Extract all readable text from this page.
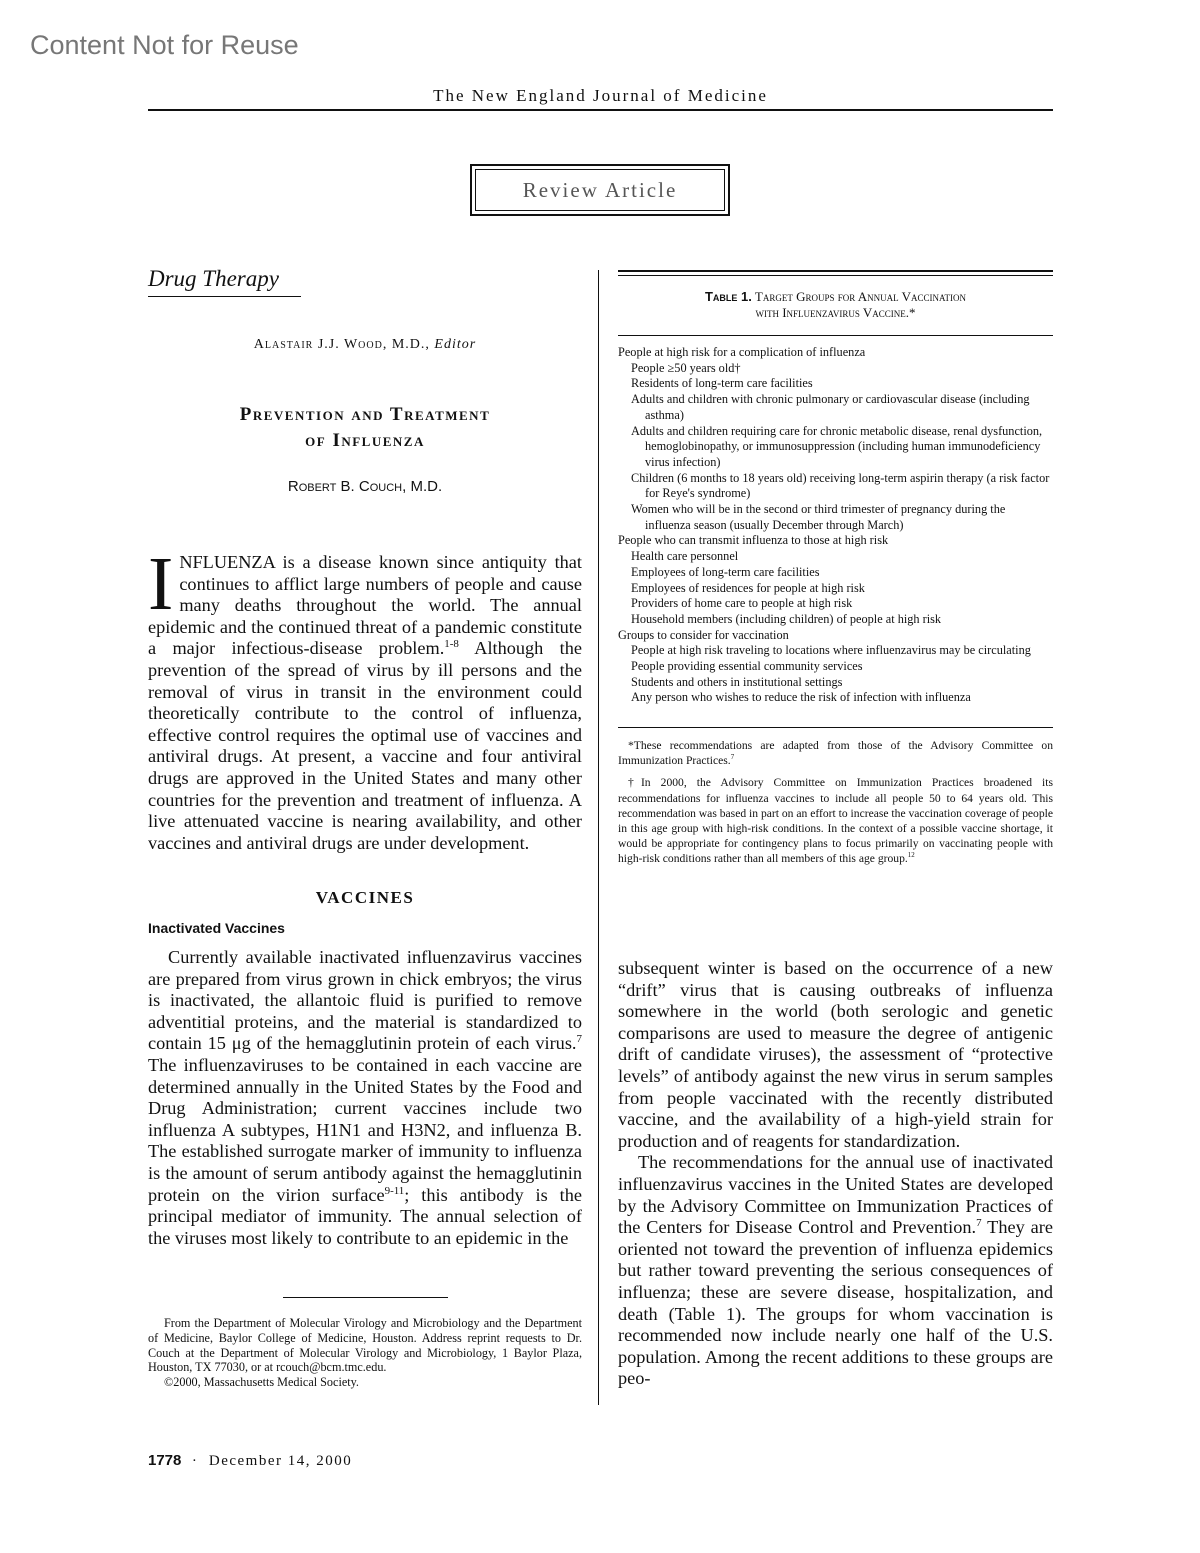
Content Not for Reuse
The New England Journal of Medicine
Review Article
Drug Therapy
Alastair J.J. Wood, M.D., Editor
Prevention and Treatment
of Influenza
Robert B. Couch, M.D.
INFLUENZA is a disease known since antiquity that continues to afflict large numbers of people and cause many deaths throughout the world. The annual epidemic and the continued threat of a pandemic constitute a major infectious-disease problem.$^{1-8}$ Although the prevention of the spread of virus by ill persons and the removal of virus in transit in the environment could theoretically contribute to the control of influenza, effective control requires the optimal use of vaccines and antiviral drugs. At present, a vaccine and four antiviral drugs are approved in the United States and many other countries for the prevention and treatment of influenza. A live attenuated vaccine is nearing availability, and other vaccines and antiviral drugs are under development.
VACCINES
Inactivated Vaccines
Currently available inactivated influenzavirus vaccines are prepared from virus grown in chick embryos; the virus is inactivated, the allantoic fluid is purified to remove adventitial proteins, and the material is standardized to contain 15 μg of the hemagglutinin protein of each virus.$^7$ The influenzaviruses to be contained in each vaccine are determined annually in the United States by the Food and Drug Administration; current vaccines include two influenza A subtypes, H1N1 and H3N2, and influenza B. The established surrogate marker of immunity to influenza is the amount of serum antibody against the hemagglutinin protein on the virion surface$^{9-11}$; this antibody is the principal mediator of immunity. The annual selection of the viruses most likely to contribute to an epidemic in the

From the Department of Molecular Virology and Microbiology and the Department of Medicine, Baylor College of Medicine, Houston. Address reprint requests to Dr. Couch at the Department of Molecular Virology and Microbiology, 1 Baylor Plaza, Houston, TX 77030, or at rcouch@bcm.tmc.edu.

©2000, Massachusetts Medical Society.

Table 1. Target Groups for Annual Vaccination
with Influenzavirus Vaccine.*
People at high risk for a complication of influenza
People ≥50 years old†
Residents of long-term care facilities
Adults and children with chronic pulmonary or cardiovascular disease (including asthma)
Adults and children requiring care for chronic metabolic disease, renal dysfunction, hemoglobinopathy, or immunosuppression (including human immunodeficiency virus infection)
Children (6 months to 18 years old) receiving long-term aspirin therapy (a risk factor for Reye's syndrome)
Women who will be in the second or third trimester of pregnancy during the influenza season (usually December through March)
People who can transmit influenza to those at high risk
Health care personnel
Employees of long-term care facilities
Employees of residences for people at high risk
Providers of home care to people at high risk
Household members (including children) of people at high risk
Groups to consider for vaccination
People at high risk traveling to locations where influenzavirus may be circulating
People providing essential community services
Students and others in institutional settings
Any person who wishes to reduce the risk of infection with influenza

*These recommendations are adapted from those of the Advisory Committee on Immunization Practices.$^7$

†In 2000, the Advisory Committee on Immunization Practices broadened its recommendations for influenza vaccines to include all people 50 to 64 years old. This recommendation was based in part on an effort to increase the vaccination coverage of people in this age group with high-risk conditions. In the context of a possible vaccine shortage, it would be appropriate for contingency plans to focus primarily on vaccinating people with high-risk conditions rather than all members of this age group.$^{12}$

subsequent winter is based on the occurrence of a new “drift” virus that is causing outbreaks of influenza somewhere in the world (both serologic and genetic comparisons are used to measure the degree of antigenic drift of candidate viruses), the assessment of “protective levels” of antibody against the new virus in serum samples from people vaccinated with the recently distributed vaccine, and the availability of a high-yield strain for production and of reagents for standardization.

The recommendations for the annual use of inactivated influenzavirus vaccines in the United States are developed by the Advisory Committee on Immunization Practices of the Centers for Disease Control and Prevention.$^7$ They are oriented not toward the prevention of influenza epidemics but rather toward preventing the serious consequences of influenza; these are severe disease, hospitalization, and death (Table 1). The groups for whom vaccination is recommended now include nearly one half of the U.S. population. Among the recent additions to these groups are peo-

1778 · December 14, 2000
